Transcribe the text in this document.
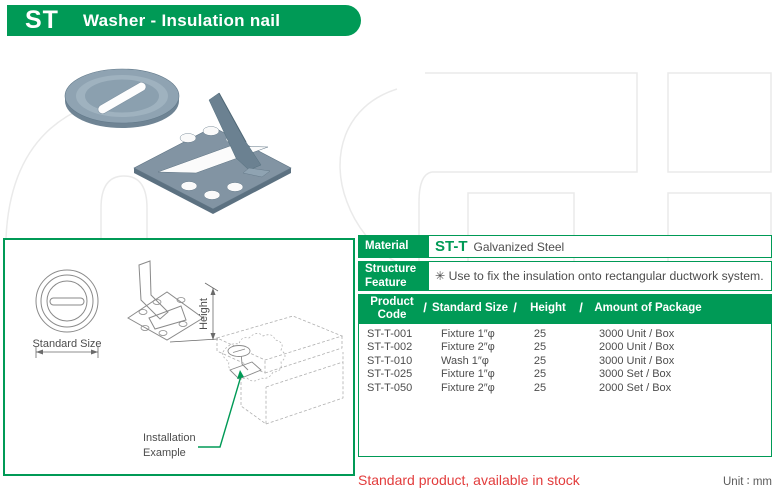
ST Washer - Insulation nail
Standard Size
Height
Installation
Example
Material	ST-T Galvanized Steel
Structure
Feature	✳ Use to fix the insulation onto rectangular ductwork system.
Product Code	/ Standard Size /	Height	/	Amount of Package
ST-T-001	Fixture 1″φ	25	3000 Unit / Box
ST-T-002	Fixture 2″φ	25	2000 Unit / Box
ST-T-010	Wash 1″φ	25	3000 Unit / Box
ST-T-025	Fixture 1″φ	25	3000 Set / Box
ST-T-050	Fixture 2″φ	25	2000 Set / Box
Standard product, available in stock	Unit ∶ mm
